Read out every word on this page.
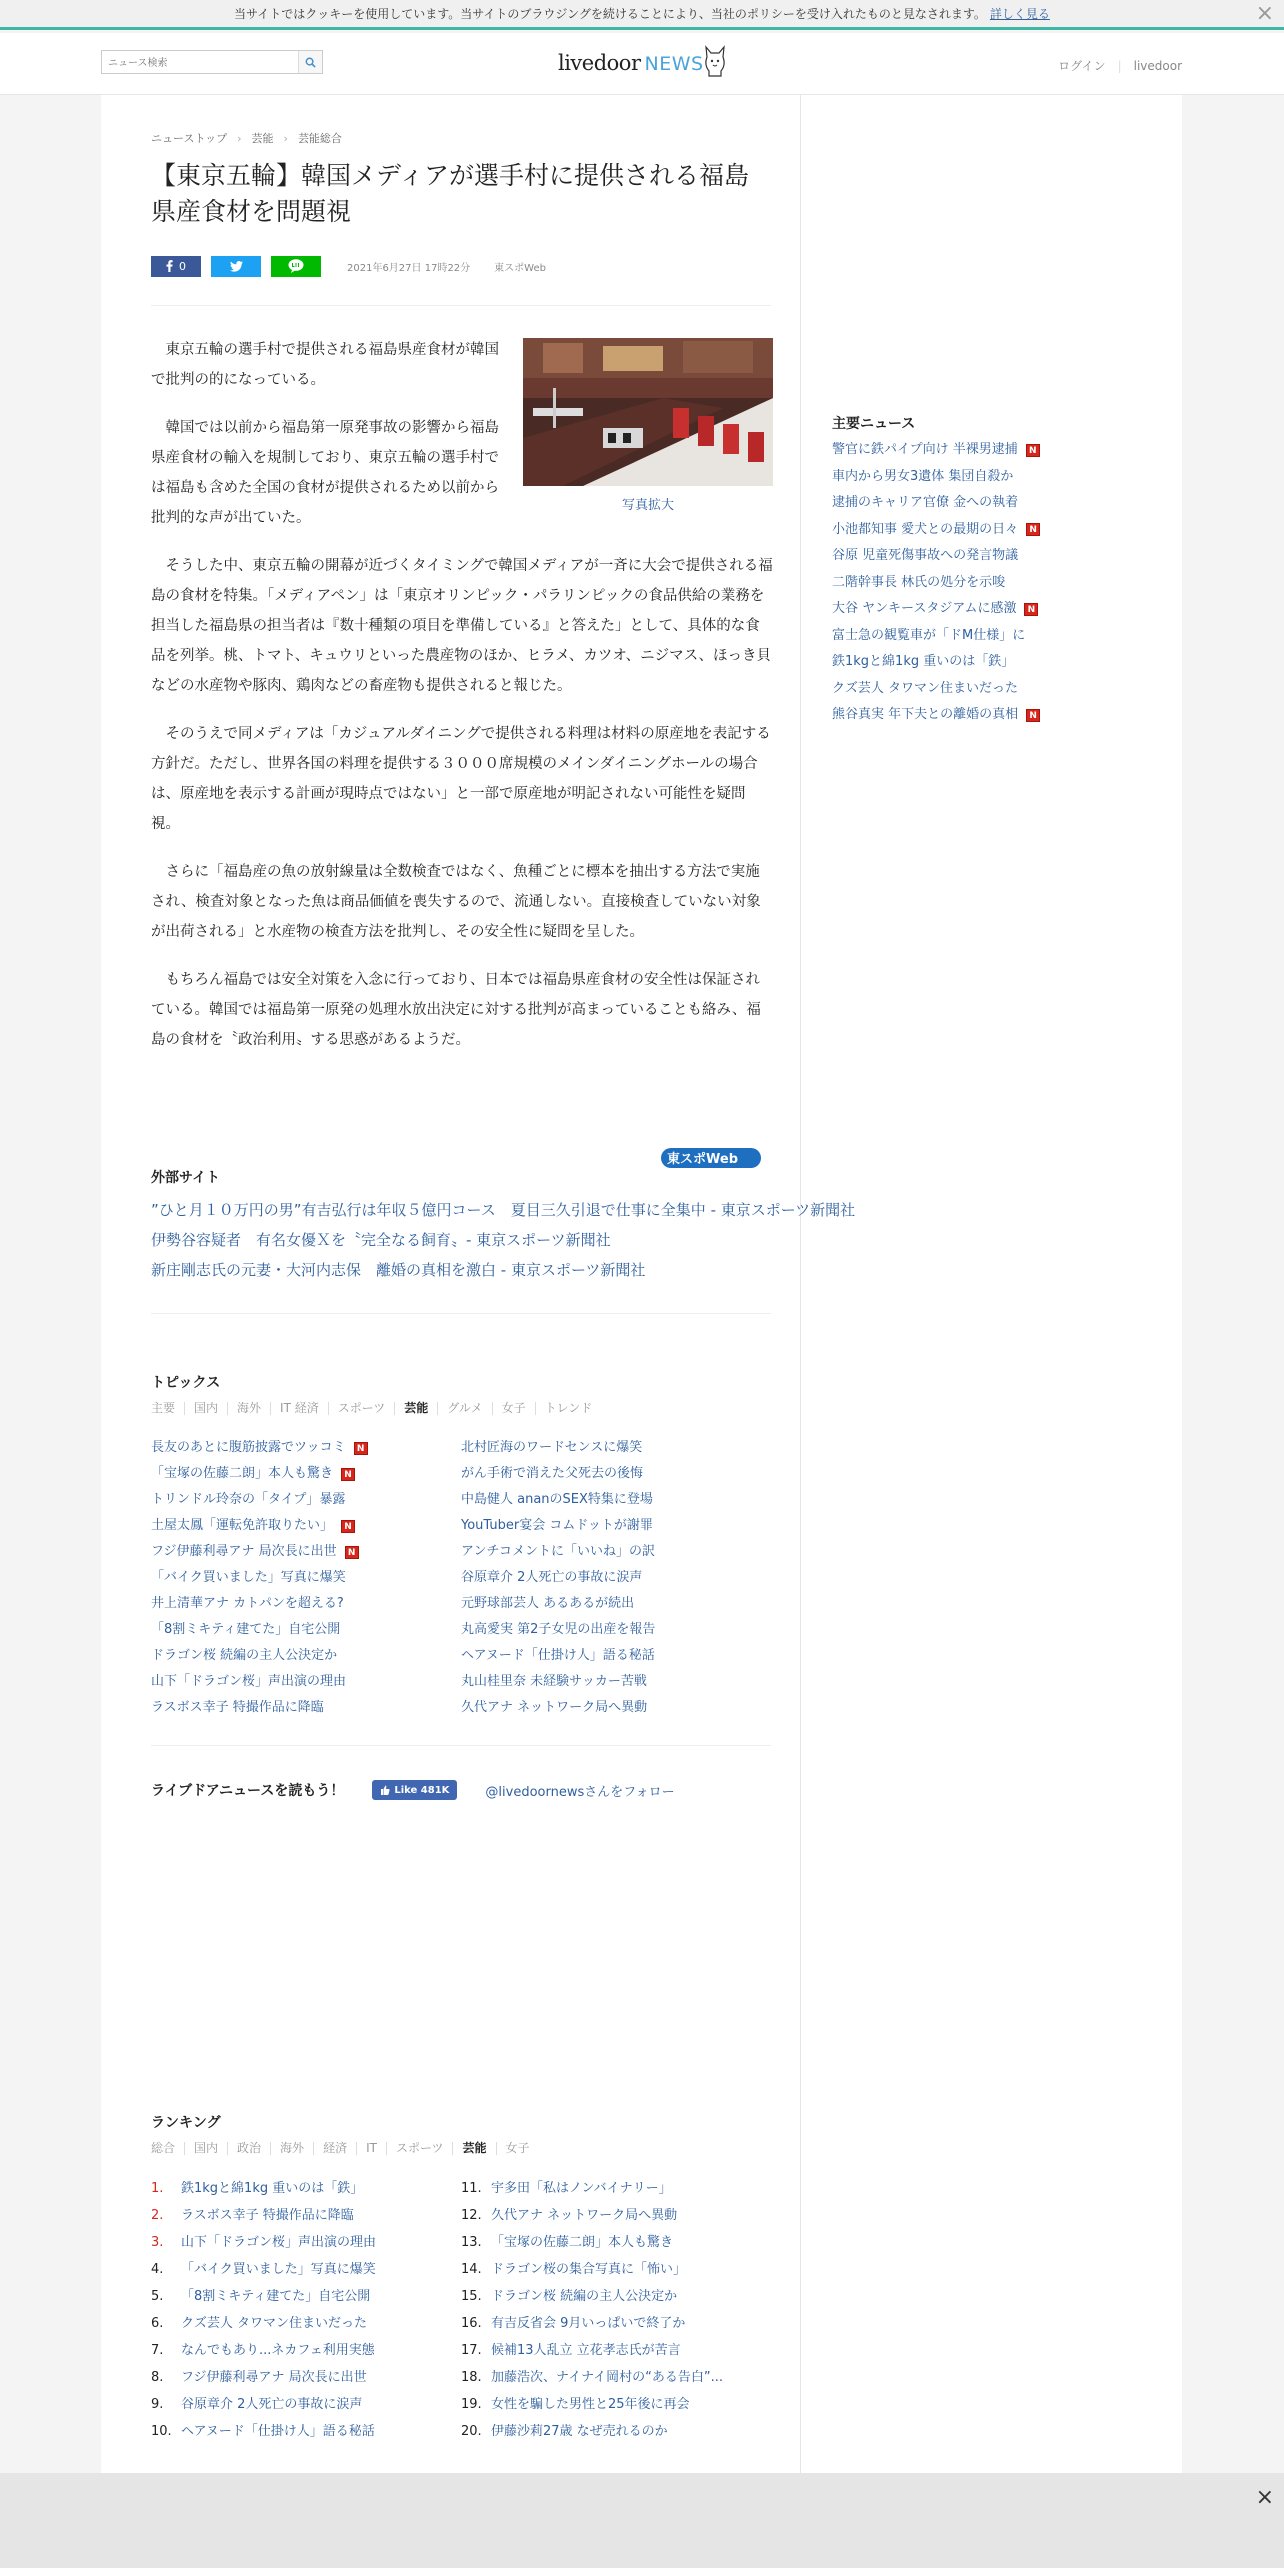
当サイトではクッキーを使用しています。当サイトのブラウジングを続けることにより、当社のポリシーを受け入れたものと見なされます。 詳しく見る	×
ニュース検索
livedoor NEWS	ログイン | livedoor
ニューストップ › 芸能 › 芸能総合
【東京五輪】韓国メディアが選手村に提供される福島県産食材を問題視
0	2021年6月27日 17時22分 東スポWeb
写真拡大

東京五輪の選手村で提供される福島県産食材が韓国で批判の的になっている。

韓国では以前から福島第一原発事故の影響から福島県産食材の輸入を規制しており、東京五輪の選手村では福島も含めた全国の食材が提供されるため以前から批判的な声が出ていた。

そうした中、東京五輪の開幕が近づくタイミングで韓国メディアが一斉に大会で提供される福島の食材を特集。「メディアペン」は「東京オリンピック・パラリンピックの食品供給の業務を担当した福島県の担当者は『数十種類の項目を準備している』と答えた」として、具体的な食品を列挙。桃、トマト、キュウリといった農産物のほか、ヒラメ、カツオ、ニジマス、ほっき貝などの水産物や豚肉、鶏肉などの畜産物も提供されると報じた。

そのうえで同メディアは「カジュアルダイニングで提供される料理は材料の原産地を表記する方針だ。ただし、世界各国の料理を提供する３０００席規模のメインダイニングホールの場合は、原産地を表示する計画が現時点ではない」と一部で原産地が明記されない可能性を疑問視。

さらに「福島産の魚の放射線量は全数検査ではなく、魚種ごとに標本を抽出する方法で実施され、検査対象となった魚は商品価値を喪失するので、流通しない。直接検査していない対象が出荷される」と水産物の検査方法を批判し、その安全性に疑問を呈した。

もちろん福島では安全対策を入念に行っており、日本では福島県産食材の安全性は保証されている。韓国では福島第一原発の処理水放出決定に対する批判が高まっていることも絡み、福島の食材を〝政治利用〟する思惑があるようだ。

東スポWeb
外部サイト
”ひと月１０万円の男”有吉弘行は年収５億円コース　夏目三久引退で仕事に全集中 - 東京スポーツ新聞社
伊勢谷容疑者　有名女優Ｘを〝完全なる飼育〟- 東京スポーツ新聞社
新庄剛志氏の元妻・大河内志保　離婚の真相を激白 - 東京スポーツ新聞社
トピックス
主要	国内	海外	IT 経済	スポーツ	芸能	グルメ	女子	トレンド
長友のあとに腹筋披露でツッコミ	N
「宝塚の佐藤二朗」本人も驚き	N
トリンドル玲奈の「タイプ」暴露
土屋太鳳「運転免許取りたい」	N
フジ伊藤利尋アナ 局次長に出世	N
「バイク買いました」写真に爆笑
井上清華アナ カトパンを超える?
「8割ミキティ建てた」自宅公開
ドラゴン桜 続編の主人公決定か
山下「ドラゴン桜」声出演の理由
ラスボス幸子 特撮作品に降臨
北村匠海のワードセンスに爆笑
がん手術で消えた父死去の後悔
中島健人 ananのSEX特集に登場
YouTuber宴会 コムドットが謝罪
アンチコメントに「いいね」の訳
谷原章介 2人死亡の事故に涙声
元野球部芸人 あるあるが続出
丸高愛実 第2子女児の出産を報告
ヘアヌード「仕掛け人」語る秘話
丸山桂里奈 未経験サッカー苦戦
久代アナ ネットワーク局へ異動
ライブドアニュースを読もう！	Like 481K	@livedoornewsさんをフォロー
ランキング
総合	国内	政治	海外	経済	IT	スポーツ	芸能	女子
1. 鉄1kgと綿1kg 重いのは「鉄」
2. ラスボス幸子 特撮作品に降臨
3. 山下「ドラゴン桜」声出演の理由
4. 「バイク買いました」写真に爆笑
5. 「8割ミキティ建てた」自宅公開
6. クズ芸人 タワマン住まいだった
7. なんでもあり...ネカフェ利用実態
8. フジ伊藤利尋アナ 局次長に出世
9. 谷原章介 2人死亡の事故に涙声
10. ヘアヌード「仕掛け人」語る秘話
11. 宇多田「私はノンバイナリー」
12. 久代アナ ネットワーク局へ異動
13. 「宝塚の佐藤二朗」本人も驚き
14. ドラゴン桜の集合写真に「怖い」
15. ドラゴン桜 続編の主人公決定か
16. 有吉反省会 9月いっぱいで終了か
17. 候補13人乱立 立花孝志氏が苦言
18. 加藤浩次、ナイナイ岡村の“ある告白”...
19. 女性を騙した男性と25年後に再会
20. 伊藤沙莉27歳 なぜ売れるのか
主要ニュース
警官に鉄パイプ向け 半裸男逮捕	N
車内から男女3遺体 集団自殺か
逮捕のキャリア官僚 金への執着
小池都知事 愛犬との最期の日々	N
谷原 児童死傷事故への発言物議
二階幹事長 林氏の処分を示唆
大谷 ヤンキースタジアムに感激	N
富士急の観覧車が「ドM仕様」に
鉄1kgと綿1kg 重いのは「鉄」
クズ芸人 タワマン住まいだった
熊谷真実 年下夫との離婚の真相	N
×
